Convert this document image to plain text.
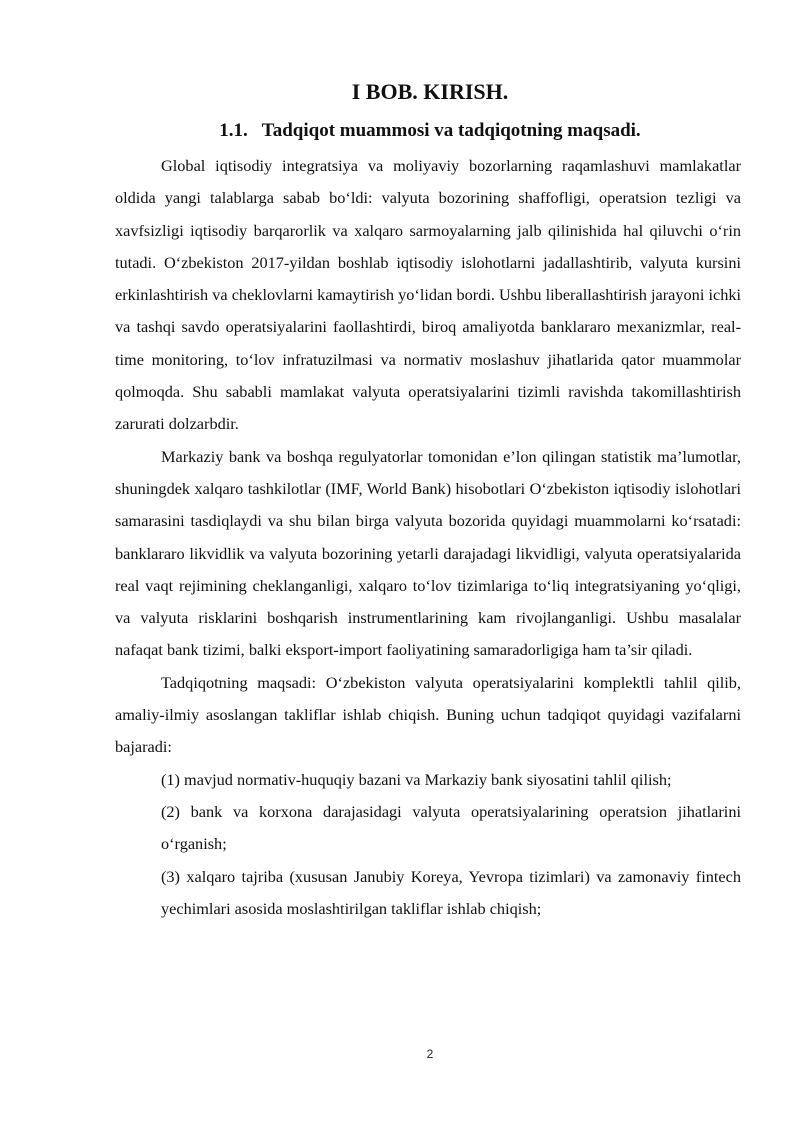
I BOB. KIRISH.
1.1. Tadqiqot muammosi va tadqiqotning maqsadi.

Global iqtisodiy integratsiya va moliyaviy bozorlarning raqamlashuvi mamlakatlar oldida yangi talablarga sabab boʻldi: valyuta bozorining shaffofligi, operatsion tezligi va xavfsizligi iqtisodiy barqarorlik va xalqaro sarmoyalarning jalb qilinishida hal qiluvchi oʻrin tutadi. Oʻzbekiston 2017-yildan boshlab iqtisodiy islohotlarni jadallashtirib, valyuta kursini erkinlashtirish va cheklovlarni kamaytirish yoʻlidan bordi. Ushbu liberallashtirish jarayoni ichki va tashqi savdo operatsiyalarini faollashtirdi, biroq amaliyotda banklararo mexanizmlar, real-time monitoring, toʻlov infratuzilmasi va normativ moslashuv jihatlarida qator muammolar qolmoqda. Shu sababli mamlakat valyuta operatsiyalarini tizimli ravishda takomillashtirish zarurati dolzarbdir.

Markaziy bank va boshqa regulyatorlar tomonidan e’lon qilingan statistik ma’lumotlar, shuningdek xalqaro tashkilotlar (IMF, World Bank) hisobotlari Oʻzbekiston iqtisodiy islohotlari samarasini tasdiqlaydi va shu bilan birga valyuta bozorida quyidagi muammolarni koʻrsatadi: banklararo likvidlik va valyuta bozorining yetarli darajadagi likvidligi, valyuta operatsiyalarida real vaqt rejimining cheklanganligi, xalqaro toʻlov tizimlariga toʻliq integratsiyaning yoʻqligi, va valyuta risklarini boshqarish instrumentlarining kam rivojlanganligi. Ushbu masalalar nafaqat bank tizimi, balki eksport-import faoliyatining samaradorligiga ham ta’sir qiladi.

Tadqiqotning maqsadi: Oʻzbekiston valyuta operatsiyalarini komplektli tahlil qilib, amaliy-ilmiy asoslangan takliflar ishlab chiqish. Buning uchun tadqiqot quyidagi vazifalarni bajaradi:

(1) mavjud normativ-huquqiy bazani va Markaziy bank siyosatini tahlil qilish;

(2) bank va korxona darajasidagi valyuta operatsiyalarining operatsion jihatlarini oʻrganish;

(3) xalqaro tajriba (xususan Janubiy Koreya, Yevropa tizimlari) va zamonaviy fintech yechimlari asosida moslashtirilgan takliflar ishlab chiqish;

2
